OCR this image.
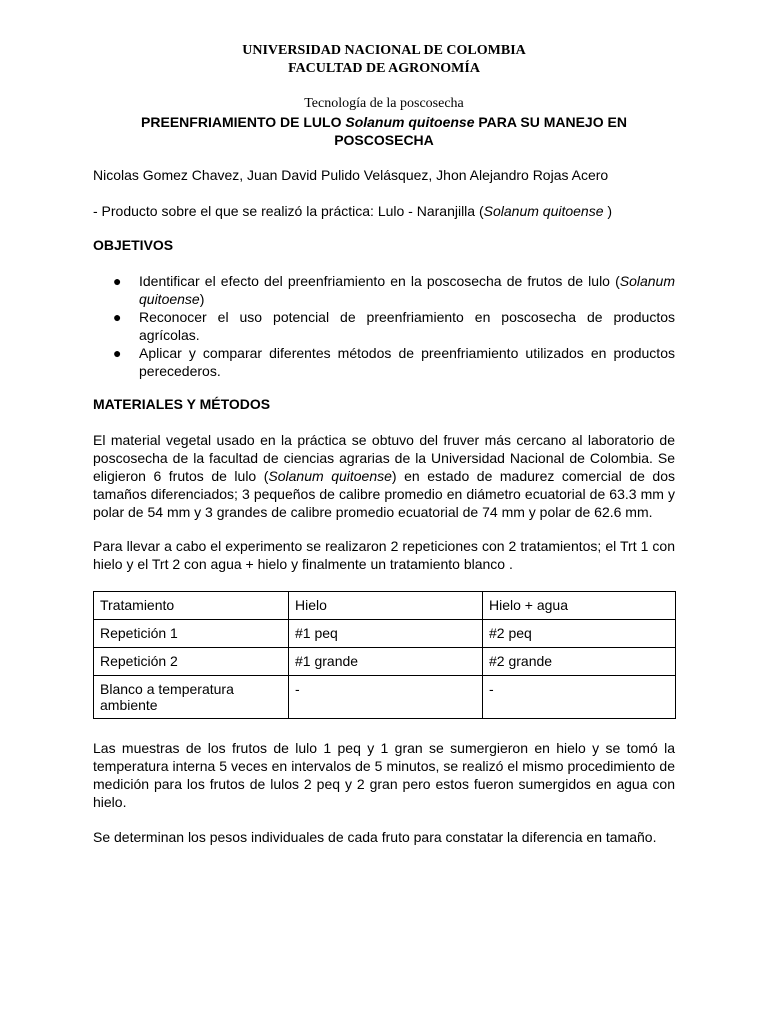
UNIVERSIDAD NACIONAL DE COLOMBIA
FACULTAD DE AGRONOMÍA
Tecnología de la poscosecha
PREENFRIAMIENTO DE LULO Solanum quitoense PARA SU MANEJO EN POSCOSECHA
Nicolas Gomez Chavez, Juan David Pulido Velásquez, Jhon Alejandro Rojas Acero
- Producto sobre el que se realizó la práctica: Lulo - Naranjilla (Solanum quitoense )
OBJETIVOS
● Identificar el efecto del preenfriamiento en la poscosecha de frutos de lulo (Solanum quitoense)
● Reconocer el uso potencial de preenfriamiento en poscosecha de productos agrícolas.
● Aplicar y comparar diferentes métodos de preenfriamiento utilizados en productos perecederos.
MATERIALES Y MÉTODOS
El material vegetal usado en la práctica se obtuvo del fruver más cercano al laboratorio de poscosecha de la facultad de ciencias agrarias de la Universidad Nacional de Colombia. Se eligieron 6 frutos de lulo (Solanum quitoense) en estado de madurez comercial de dos tamaños diferenciados; 3 pequeños de calibre promedio en diámetro ecuatorial de 63.3 mm y polar de 54 mm y 3 grandes de calibre promedio ecuatorial de 74 mm y polar de 62.6 mm.
Para llevar a cabo el experimento se realizaron 2 repeticiones con 2 tratamientos; el Trt 1 con hielo y el Trt 2 con agua + hielo y finalmente un tratamiento blanco .
Tratamiento	Hielo	Hielo + agua
Repetición 1	#1 peq	#2 peq
Repetición 2	#1 grande	#2 grande
Blanco a temperatura ambiente	-	-
Las muestras de los frutos de lulo 1 peq y 1 gran se sumergieron en hielo y se tomó la temperatura interna 5 veces en intervalos de 5 minutos, se realizó el mismo procedimiento de medición para los frutos de lulos 2 peq y 2 gran pero estos fueron sumergidos en agua con hielo.
Se determinan los pesos individuales de cada fruto para constatar la diferencia en tamaño.
